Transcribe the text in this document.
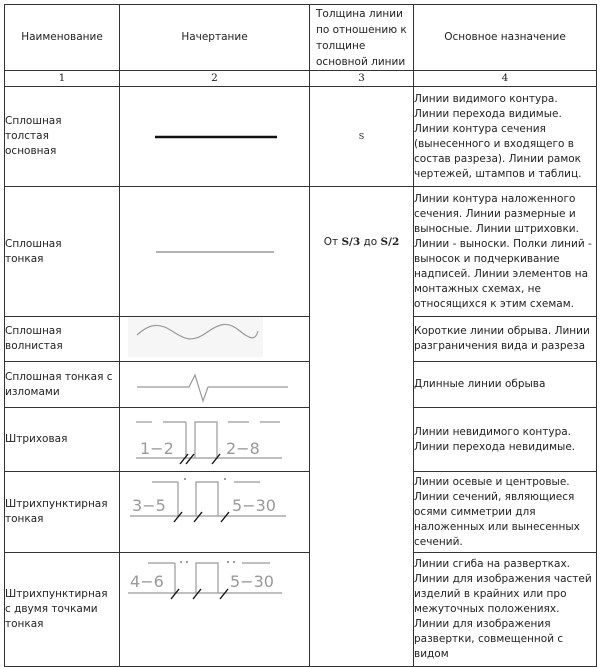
Наименование	Начертание	Толщина линии по отношению к толщине основной линии	Основное назначение
1	2	3	4
Сплошная толстая основная		S	Линии видимого контура. Линии перехода видимые. Линии контура сечения (вынесенного и входящего в состав разреза). Линии рамок чертежей, штампов и таблиц.
Сплошная тонкая		От S/3 до S/2	Линии контура наложенного сечения. Линии размерные и выносные. Линии штриховки. Линии - выноски. Полки линий - выносок и подчеркивание надписей. Линии элементов на монтажных схемах, не относящихся к этим схемам.
Сплошная волнистая			Короткие линии обрыва. Линии разграничения вида и разреза
Сплошная тонкая с изломами			Длинные линии обрыва
Штриховая	1−2 2−8		Линии невидимого контура. Линии перехода невидимые.
Штрихпунктирная тонкая	3−5 5−30		Линии осевые и центровые. Линии сечений, являющиеся осями симметрии для наложенных или вынесенных сечений.
Штрихпунктирная с двумя точками тонкая	4−6 5−30		Линии сгиба на развертках. Линии для изображения частей изделий в крайних или про межуточных положениях. Линии для изображения развертки, совмещенной с видом
